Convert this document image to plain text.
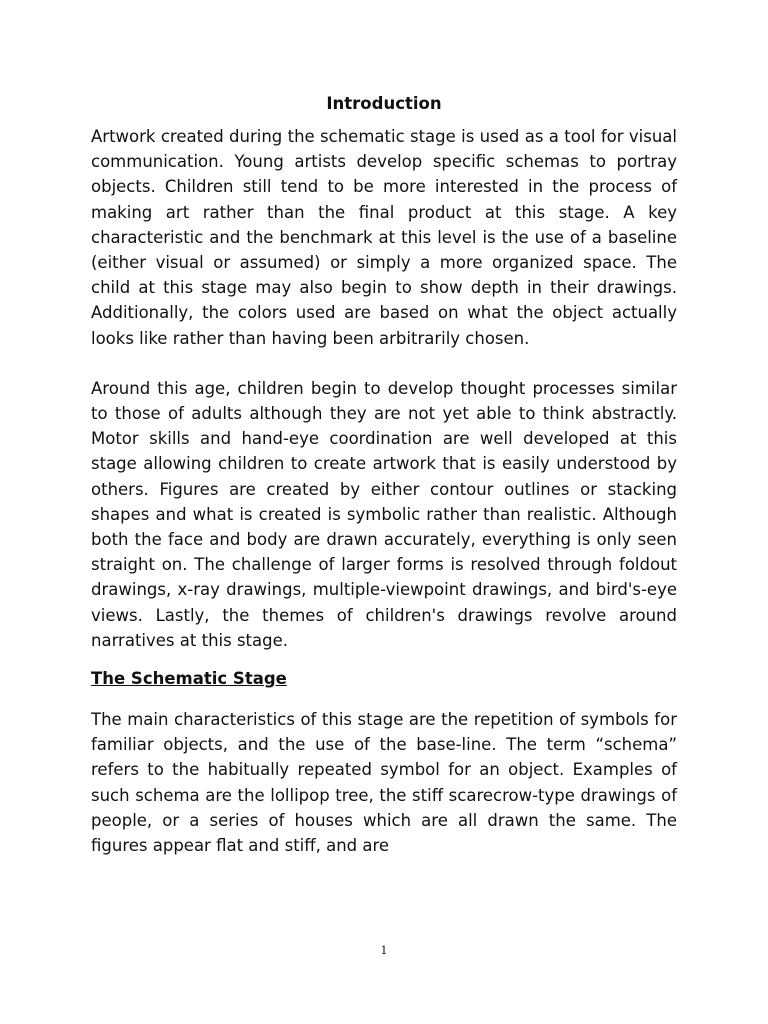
Introduction

Artwork created during the schematic stage is used as a tool for visual communication. Young artists develop specific schemas to portray objects. Children still tend to be more interested in the process of making art rather than the final product at this stage. A key characteristic and the benchmark at this level is the use of a baseline (either visual or assumed) or simply a more organized space. The child at this stage may also begin to show depth in their drawings. Additionally, the colors used are based on what the object actually looks like rather than having been arbitrarily chosen.

Around this age, children begin to develop thought processes similar to those of adults although they are not yet able to think abstractly. Motor skills and hand-eye coordination are well developed at this stage allowing children to create artwork that is easily understood by others. Figures are created by either contour outlines or stacking shapes and what is created is symbolic rather than realistic. Although both the face and body are drawn accurately, everything is only seen straight on. The challenge of larger forms is resolved through foldout drawings, x-ray drawings, multiple-viewpoint drawings, and bird's-eye views. Lastly, the themes of children's drawings revolve around narratives at this stage.

The Schematic Stage

The main characteristics of this stage are the repetition of symbols for familiar objects, and the use of the base-line. The term “schema” refers to the habitually repeated symbol for an object. Examples of such schema are the lollipop tree, the stiff scarecrow-type drawings of people, or a series of houses which are all drawn the same. The figures appear flat and stiff, and are

1
